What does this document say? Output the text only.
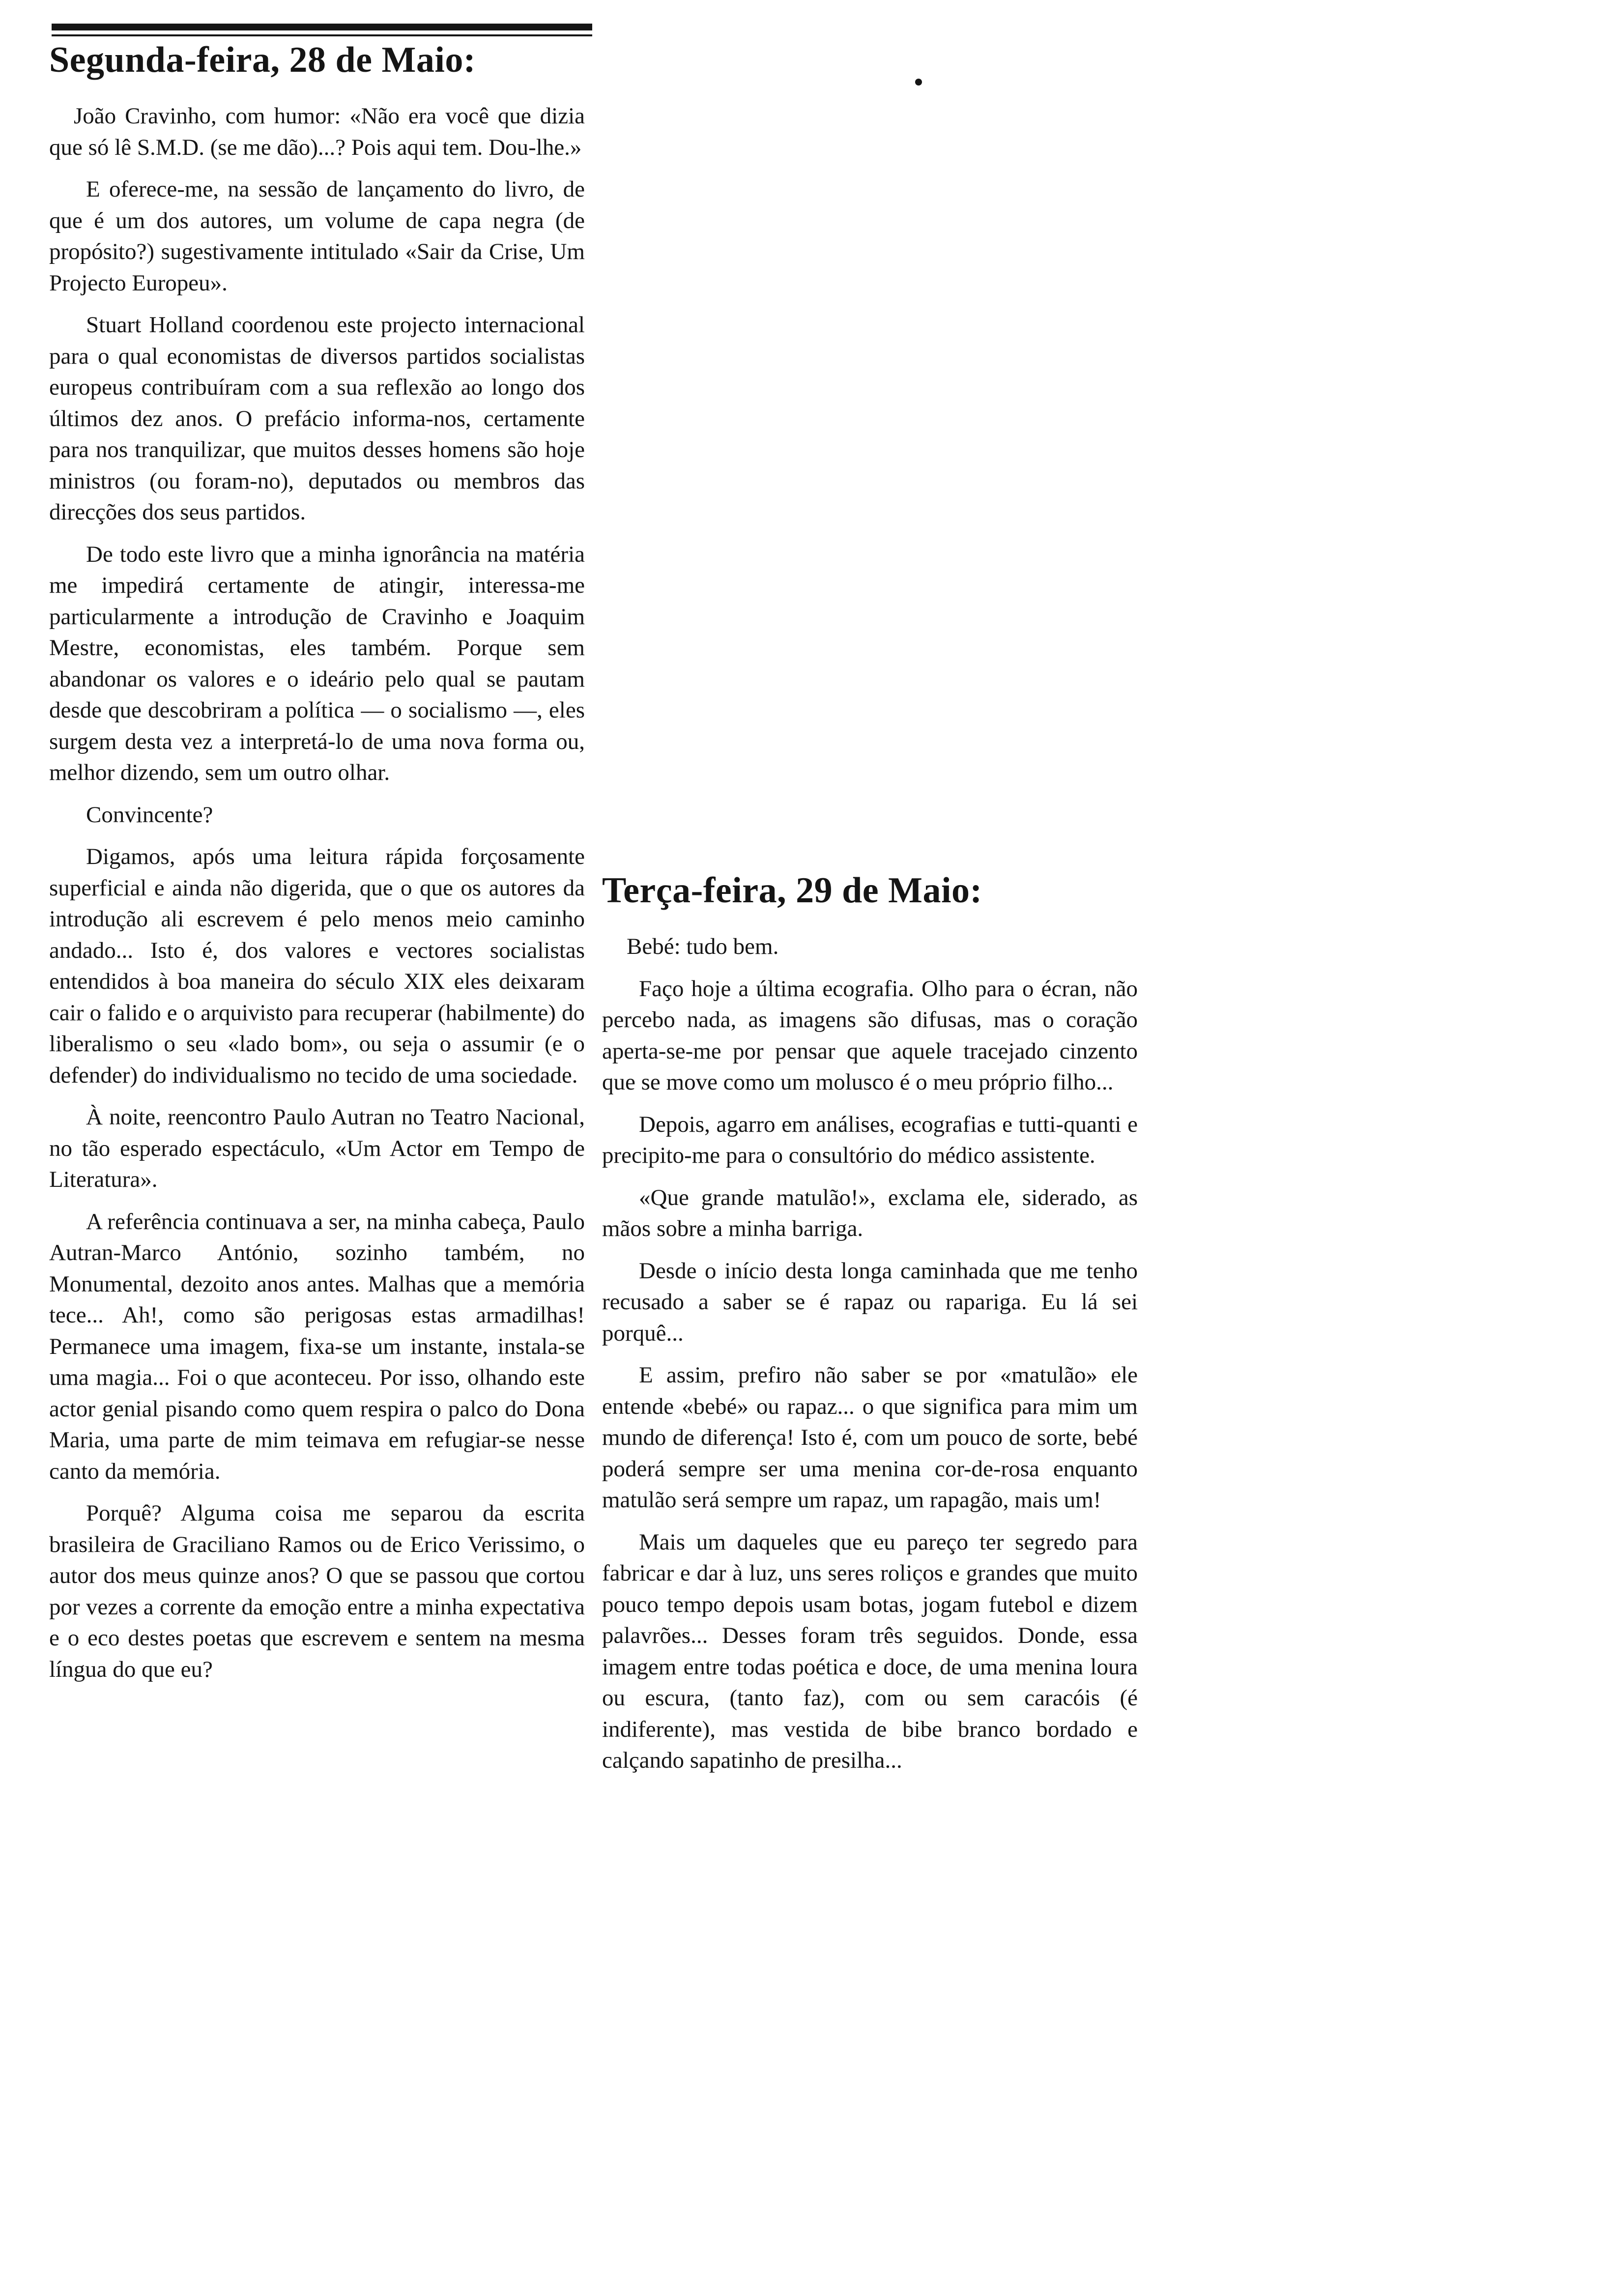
Segunda-feira, 28 de Maio:

João Cravinho, com humor: «Não era você que dizia que só lê S.M.D. (se me dão)...? Pois aqui tem. Dou-lhe.»

E oferece-me, na sessão de lançamento do livro, de que é um dos autores, um volume de capa negra (de propósito?) sugestivamente intitulado «Sair da Crise, Um Projecto Europeu».

Stuart Holland coordenou este projecto internacional para o qual economistas de diversos partidos socialistas europeus contribuíram com a sua reflexão ao longo dos últimos dez anos. O prefácio informa-nos, certamente para nos tranquilizar, que muitos desses homens são hoje ministros (ou foram-no), deputados ou membros das direcções dos seus partidos.

De todo este livro que a minha ignorância na matéria me impedirá certamente de atingir, interessa-me particularmente a introdução de Cravinho e Joaquim Mestre, economistas, eles também. Porque sem abandonar os valores e o ideário pelo qual se pautam desde que descobriram a política — o socialismo —, eles surgem desta vez a interpretá-lo de uma nova forma ou, melhor dizendo, sem um outro olhar.

Convincente?

Digamos, após uma leitura rápida forçosamente superficial e ainda não digerida, que o que os autores da introdução ali escrevem é pelo menos meio caminho andado... Isto é, dos valores e vectores socialistas entendidos à boa maneira do século XIX eles deixaram cair o falido e o arquivisto para recuperar (habilmente) do liberalismo o seu «lado bom», ou seja o assumir (e o defender) do individualismo no tecido de uma sociedade.

À noite, reencontro Paulo Autran no Teatro Nacional, no tão esperado espectáculo, «Um Actor em Tempo de Literatura».

A referência continuava a ser, na minha cabeça, Paulo Autran-Marco António, sozinho também, no Monumental, dezoito anos antes. Malhas que a memória tece... Ah!, como são perigosas estas armadilhas! Permanece uma imagem, fixa-se um instante, instala-se uma magia... Foi o que aconteceu. Por isso, olhando este actor genial pisando como quem respira o palco do Dona Maria, uma parte de mim teimava em refugiar-se nesse canto da memória.

Porquê? Alguma coisa me separou da escrita brasileira de Graciliano Ramos ou de Erico Verissimo, o autor dos meus quinze anos? O que se passou que cortou por vezes a corrente da emoção entre a minha expectativa e o eco destes poetas que escrevem e sentem na mesma língua do que eu?

Terça-feira, 29 de Maio:

Bebé: tudo bem.

Faço hoje a última ecografia. Olho para o écran, não percebo nada, as imagens são difusas, mas o coração aperta-se-me por pensar que aquele tracejado cinzento que se move como um molusco é o meu próprio filho...

Depois, agarro em análises, ecografias e tutti-quanti e precipito-me para o consultório do médico assistente.

«Que grande matulão!», exclama ele, siderado, as mãos sobre a minha barriga.

Desde o início desta longa caminhada que me tenho recusado a saber se é rapaz ou rapariga. Eu lá sei porquê...

E assim, prefiro não saber se por «matulão» ele entende «bebé» ou rapaz... o que significa para mim um mundo de diferença! Isto é, com um pouco de sorte, bebé poderá sempre ser uma menina cor-de-rosa enquanto matulão será sempre um rapaz, um rapagão, mais um!

Mais um daqueles que eu pareço ter segredo para fabricar e dar à luz, uns seres roliços e grandes que muito pouco tempo depois usam botas, jogam futebol e dizem palavrões... Desses foram três seguidos. Donde, essa imagem entre todas poética e doce, de uma menina loura ou escura, (tanto faz), com ou sem caracóis (é indiferente), mas vestida de bibe branco bordado e calçando sapatinho de presilha...
